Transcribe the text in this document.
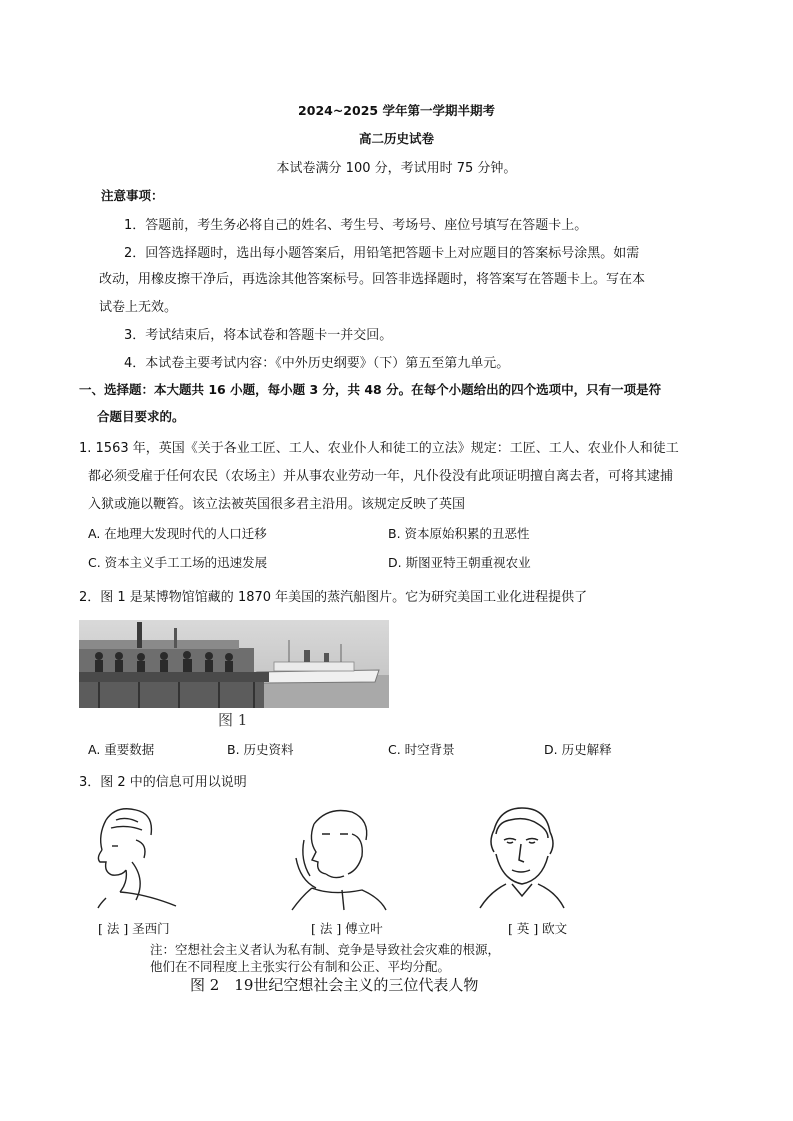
2024~2025 学年第一学期半期考
高二历史试卷
本试卷满分 100 分，考试用时 75 分钟。
注意事项：
1．答题前，考生务必将自己的姓名、考生号、考场号、座位号填写在答题卡上。
2．回答选择题时，选出每小题答案后，用铅笔把答题卡上对应题目的答案标号涂黑。如需
改动，用橡皮擦干净后，再选涂其他答案标号。回答非选择题时，将答案写在答题卡上。写在本
试卷上无效。
3．考试结束后，将本试卷和答题卡一并交回。
4．本试卷主要考试内容：《中外历史纲要》（下）第五至第九单元。
一、选择题：本大题共 16 小题，每小题 3 分，共 48 分。在每个小题给出的四个选项中，只有一项是符
合题目要求的。
1. 1563 年，英国《关于各业工匠、工人、农业仆人和徒工的立法》规定：工匠、工人、农业仆人和徒工
都必须受雇于任何农民（农场主）并从事农业劳动一年，凡仆役没有此项证明擅自离去者，可将其逮捕
入狱或施以鞭笞。该立法被英国很多君主沿用。该规定反映了英国
A. 在地理大发现时代的人口迁移	B. 资本原始积累的丑恶性
C. 资本主义手工工场的迅速发展	D. 斯图亚特王朝重视农业
2．图 1 是某博物馆馆藏的 1870 年美国的蒸汽船图片。它为研究美国工业化进程提供了
图 1
A. 重要数据	B. 历史资料	C. 时空背景	D. 历史解释
3．图 2 中的信息可用以说明
[ 法 ] 圣西门	[ 法 ] 傅立叶	[ 英 ] 欧文
注：空想社会主义者认为私有制、竞争是导致社会灾难的根源，
他们在不同程度上主张实行公有制和公正、平均分配。
图 2　19世纪空想社会主义的三位代表人物
